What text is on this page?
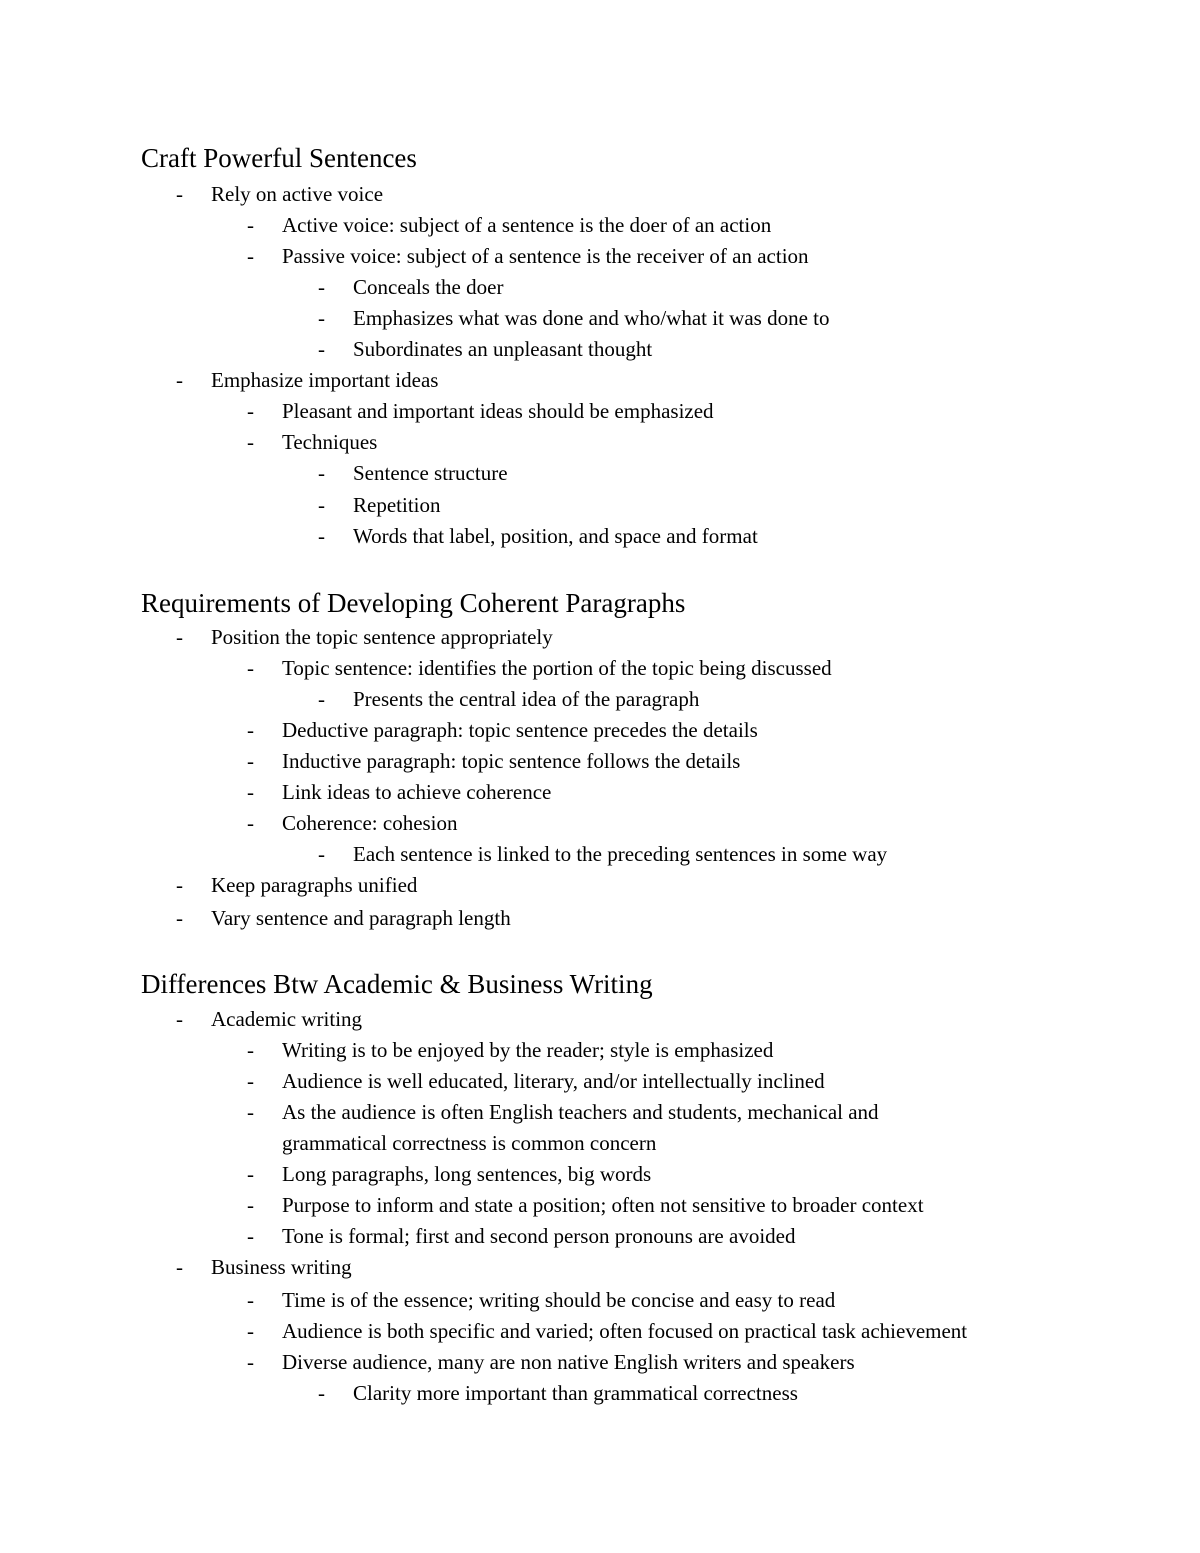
Craft Powerful Sentences
- Rely on active voice
- Active voice: subject of a sentence is the doer of an action
- Passive voice: subject of a sentence is the receiver of an action
- Conceals the doer
- Emphasizes what was done and who/what it was done to
- Subordinates an unpleasant thought
- Emphasize important ideas
- Pleasant and important ideas should be emphasized
- Techniques
- Sentence structure
- Repetition
- Words that label, position, and space and format
Requirements of Developing Coherent Paragraphs
- Position the topic sentence appropriately
- Topic sentence: identifies the portion of the topic being discussed
- Presents the central idea of the paragraph
- Deductive paragraph: topic sentence precedes the details
- Inductive paragraph: topic sentence follows the details
- Link ideas to achieve coherence
- Coherence: cohesion
- Each sentence is linked to the preceding sentences in some way
- Keep paragraphs unified
- Vary sentence and paragraph length
Differences Btw Academic & Business Writing
- Academic writing
- Writing is to be enjoyed by the reader; style is emphasized
- Audience is well educated, literary, and/or intellectually inclined
- As the audience is often English teachers and students, mechanical and
grammatical correctness is common concern
- Long paragraphs, long sentences, big words
- Purpose to inform and state a position; often not sensitive to broader context
- Tone is formal; first and second person pronouns are avoided
- Business writing
- Time is of the essence; writing should be concise and easy to read
- Audience is both specific and varied; often focused on practical task achievement
- Diverse audience, many are non native English writers and speakers
- Clarity more important than grammatical correctness
